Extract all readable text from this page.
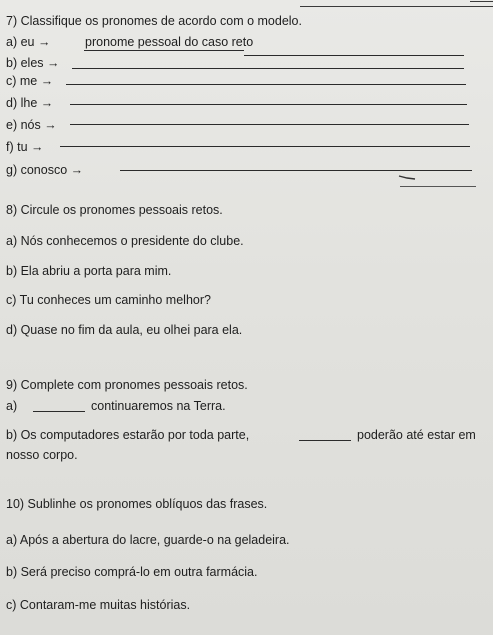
7) Classifique os pronomes de acordo com o modelo.
a) eu →	pronome pessoal do caso reto
b) eles →
c) me →
d) lhe →
e) nós →
f) tu →
g) conosco →
8) Circule os pronomes pessoais retos.
a) Nós conhecemos o presidente do clube.
b) Ela abriu a porta para mim.
c) Tu conheces um caminho melhor?
d) Quase no fim da aula, eu olhei para ela.
9) Complete com pronomes pessoais retos.
a)	continuaremos na Terra.
b) Os computadores estarão por toda parte,	poderão até estar em
nosso corpo.
10) Sublinhe os pronomes oblíquos das frases.
a) Após a abertura do lacre, guarde-o na geladeira.
b) Será preciso comprá-lo em outra farmácia.
c) Contaram-me muitas histórias.
